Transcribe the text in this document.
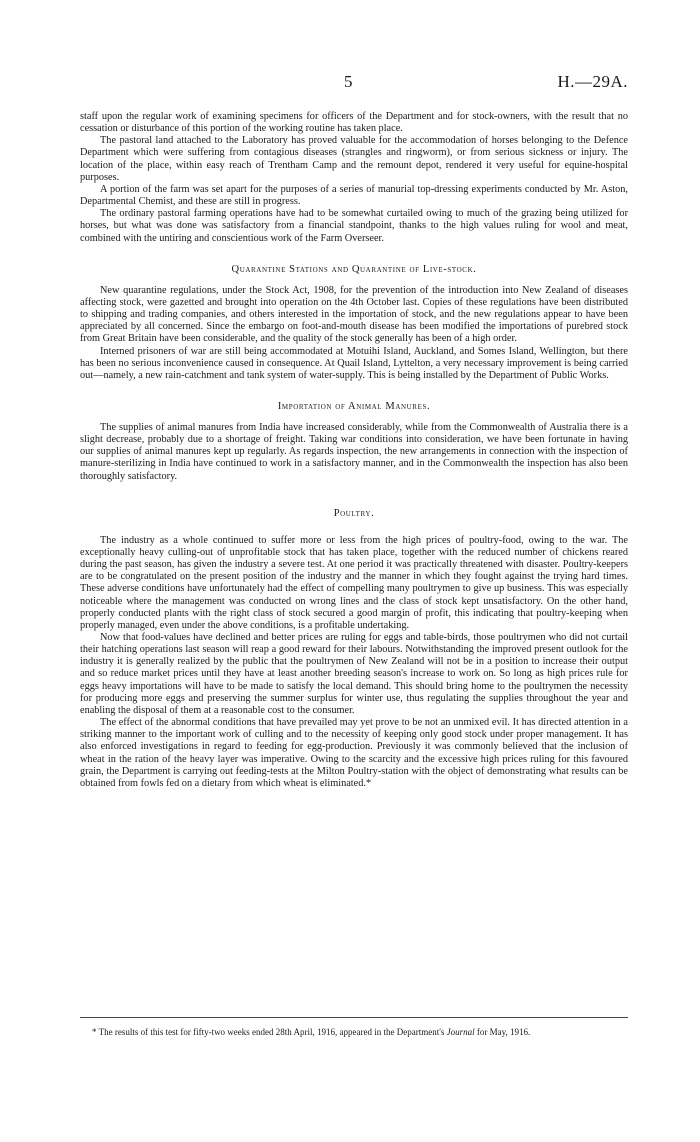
5	H.—29A.

staff upon the regular work of examining specimens for officers of the Department and for stock-owners, with the result that no cessation or disturbance of this portion of the working routine has taken place.

The pastoral land attached to the Laboratory has proved valuable for the accommodation of horses belonging to the Defence Department which were suffering from contagious diseases (strangles and ringworm), or from serious sickness or injury. The location of the place, within easy reach of Trentham Camp and the remount depot, rendered it very useful for equine-hospital purposes.

A portion of the farm was set apart for the purposes of a series of manurial top-dressing experiments conducted by Mr. Aston, Departmental Chemist, and these are still in progress.

The ordinary pastoral farming operations have had to be somewhat curtailed owing to much of the grazing being utilized for horses, but what was done was satisfactory from a financial standpoint, thanks to the high values ruling for wool and meat, combined with the untiring and conscientious work of the Farm Overseer.

Quarantine Stations and Quarantine of Live-stock.

New quarantine regulations, under the Stock Act, 1908, for the prevention of the introduction into New Zealand of diseases affecting stock, were gazetted and brought into operation on the 4th October last. Copies of these regulations have been distributed to shipping and trading companies, and others interested in the importation of stock, and the new regulations appear to have been appreciated by all concerned. Since the embargo on foot-and-mouth disease has been modified the importations of purebred stock from Great Britain have been considerable, and the quality of the stock generally has been of a high order.

Interned prisoners of war are still being accommodated at Motuihi Island, Auckland, and Somes Island, Wellington, but there has been no serious inconvenience caused in consequence. At Quail Island, Lyttelton, a very necessary improvement is being carried out—namely, a new rain-catchment and tank system of water-supply. This is being installed by the Department of Public Works.

Importation of Animal Manures.

The supplies of animal manures from India have increased considerably, while from the Commonwealth of Australia there is a slight decrease, probably due to a shortage of freight. Taking war conditions into consideration, we have been fortunate in having our supplies of animal manures kept up regularly. As regards inspection, the new arrangements in connection with the inspection of manure-sterilizing in India have continued to work in a satisfactory manner, and in the Commonwealth the inspection has also been thoroughly satisfactory.

Poultry.

The industry as a whole continued to suffer more or less from the high prices of poultry-food, owing to the war. The exceptionally heavy culling-out of unprofitable stock that has taken place, together with the reduced number of chickens reared during the past season, has given the industry a severe test. At one period it was practically threatened with disaster. Poultry-keepers are to be congratulated on the present position of the industry and the manner in which they fought against the trying hard times. These adverse conditions have unfortunately had the effect of compelling many poultrymen to give up business. This was especially noticeable where the management was conducted on wrong lines and the class of stock kept unsatisfactory. On the other hand, properly conducted plants with the right class of stock secured a good margin of profit, this indicating that poultry-keeping when properly managed, even under the above conditions, is a profitable undertaking.

Now that food-values have declined and better prices are ruling for eggs and table-birds, those poultrymen who did not curtail their hatching operations last season will reap a good reward for their labours. Notwithstanding the improved present outlook for the industry it is generally realized by the public that the poultrymen of New Zealand will not be in a position to increase their output and so reduce market prices until they have at least another breeding season's increase to work on. So long as high prices rule for eggs heavy importations will have to be made to satisfy the local demand. This should bring home to the poultrymen the necessity for producing more eggs and preserving the summer surplus for winter use, thus regulating the supplies throughout the year and enabling the disposal of them at a reasonable cost to the consumer.

The effect of the abnormal conditions that have prevailed may yet prove to be not an unmixed evil. It has directed attention in a striking manner to the important work of culling and to the necessity of keeping only good stock under proper management. It has also enforced investigations in regard to feeding for egg-production. Previously it was commonly believed that the inclusion of wheat in the ration of the heavy layer was imperative. Owing to the scarcity and the excessive high prices ruling for this favoured grain, the Department is carrying out feeding-tests at the Milton Poultry-station with the object of demonstrating what results can be obtained from fowls fed on a dietary from which wheat is eliminated.*

* The results of this test for fifty-two weeks ended 28th April, 1916, appeared in the Department's Journal for May, 1916.
